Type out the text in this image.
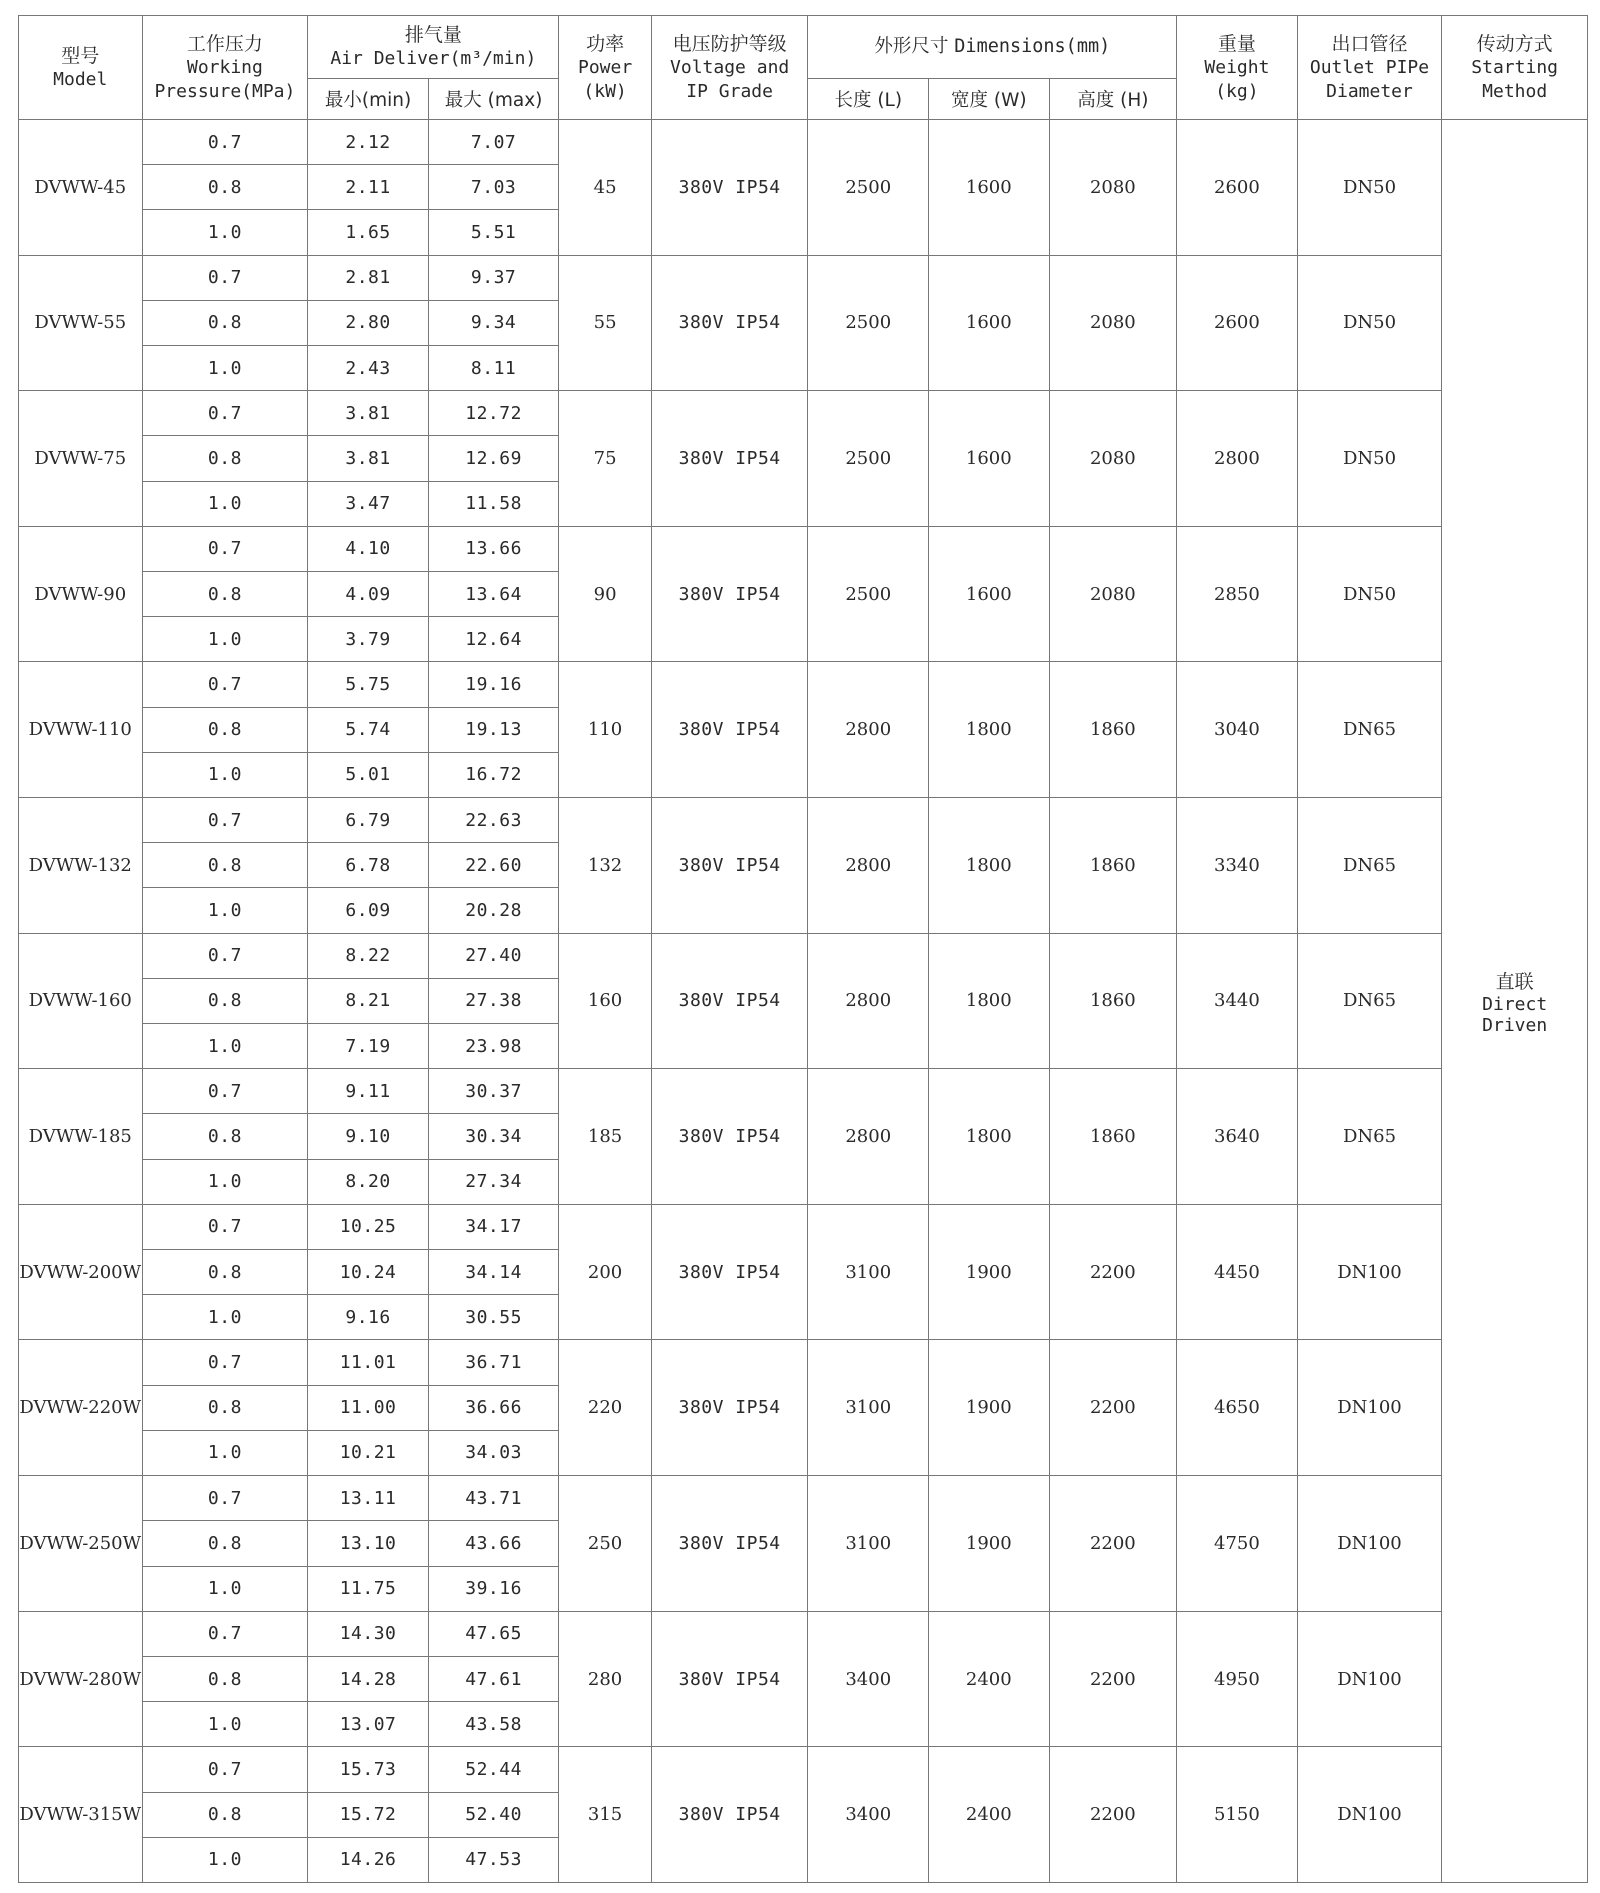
型号
Model	工作压力
Working
Pressure(MPa)	排气量
Air Deliver(m³/min)		功率
Power
(kW)	电压防护等级
Voltage and
IP Grade	外形尺寸 Dimensions(mm)			重量
Weight
(kg)	出口管径
Outlet PIPe
Diameter	传动方式
Starting
Method

		最小(min)	最大 (max)			长度 (L)	宽度 (W)	高度 (H)			
DVWW-45	0.7	2.12	7.07	45	380V IP54	2500	1600	2080	2600	DN50	直联
Direct
Driven

	0.8	2.11	7.03								
	1.0	1.65	5.51								
DVWW-55	0.7	2.81	9.37	55	380V IP54	2500	1600	2080	2600	DN50	
	0.8	2.80	9.34								
	1.0	2.43	8.11								
DVWW-75	0.7	3.81	12.72	75	380V IP54	2500	1600	2080	2800	DN50	
	0.8	3.81	12.69								
	1.0	3.47	11.58								
DVWW-90	0.7	4.10	13.66	90	380V IP54	2500	1600	2080	2850	DN50	
	0.8	4.09	13.64								
	1.0	3.79	12.64								
DVWW-110	0.7	5.75	19.16	110	380V IP54	2800	1800	1860	3040	DN65	
	0.8	5.74	19.13								
	1.0	5.01	16.72								
DVWW-132	0.7	6.79	22.63	132	380V IP54	2800	1800	1860	3340	DN65	
	0.8	6.78	22.60								
	1.0	6.09	20.28								
DVWW-160	0.7	8.22	27.40	160	380V IP54	2800	1800	1860	3440	DN65	
	0.8	8.21	27.38								
	1.0	7.19	23.98								
DVWW-185	0.7	9.11	30.37	185	380V IP54	2800	1800	1860	3640	DN65	
	0.8	9.10	30.34								
	1.0	8.20	27.34								
DVWW-200W	0.7	10.25	34.17	200	380V IP54	3100	1900	2200	4450	DN100	
	0.8	10.24	34.14								
	1.0	9.16	30.55								
DVWW-220W	0.7	11.01	36.71	220	380V IP54	3100	1900	2200	4650	DN100	
	0.8	11.00	36.66								
	1.0	10.21	34.03								
DVWW-250W	0.7	13.11	43.71	250	380V IP54	3100	1900	2200	4750	DN100	
	0.8	13.10	43.66								
	1.0	11.75	39.16								
DVWW-280W	0.7	14.30	47.65	280	380V IP54	3400	2400	2200	4950	DN100	
	0.8	14.28	47.61								
	1.0	13.07	43.58								
DVWW-315W	0.7	15.73	52.44	315	380V IP54	3400	2400	2200	5150	DN100	
	0.8	15.72	52.40								
	1.0	14.26	47.53								
